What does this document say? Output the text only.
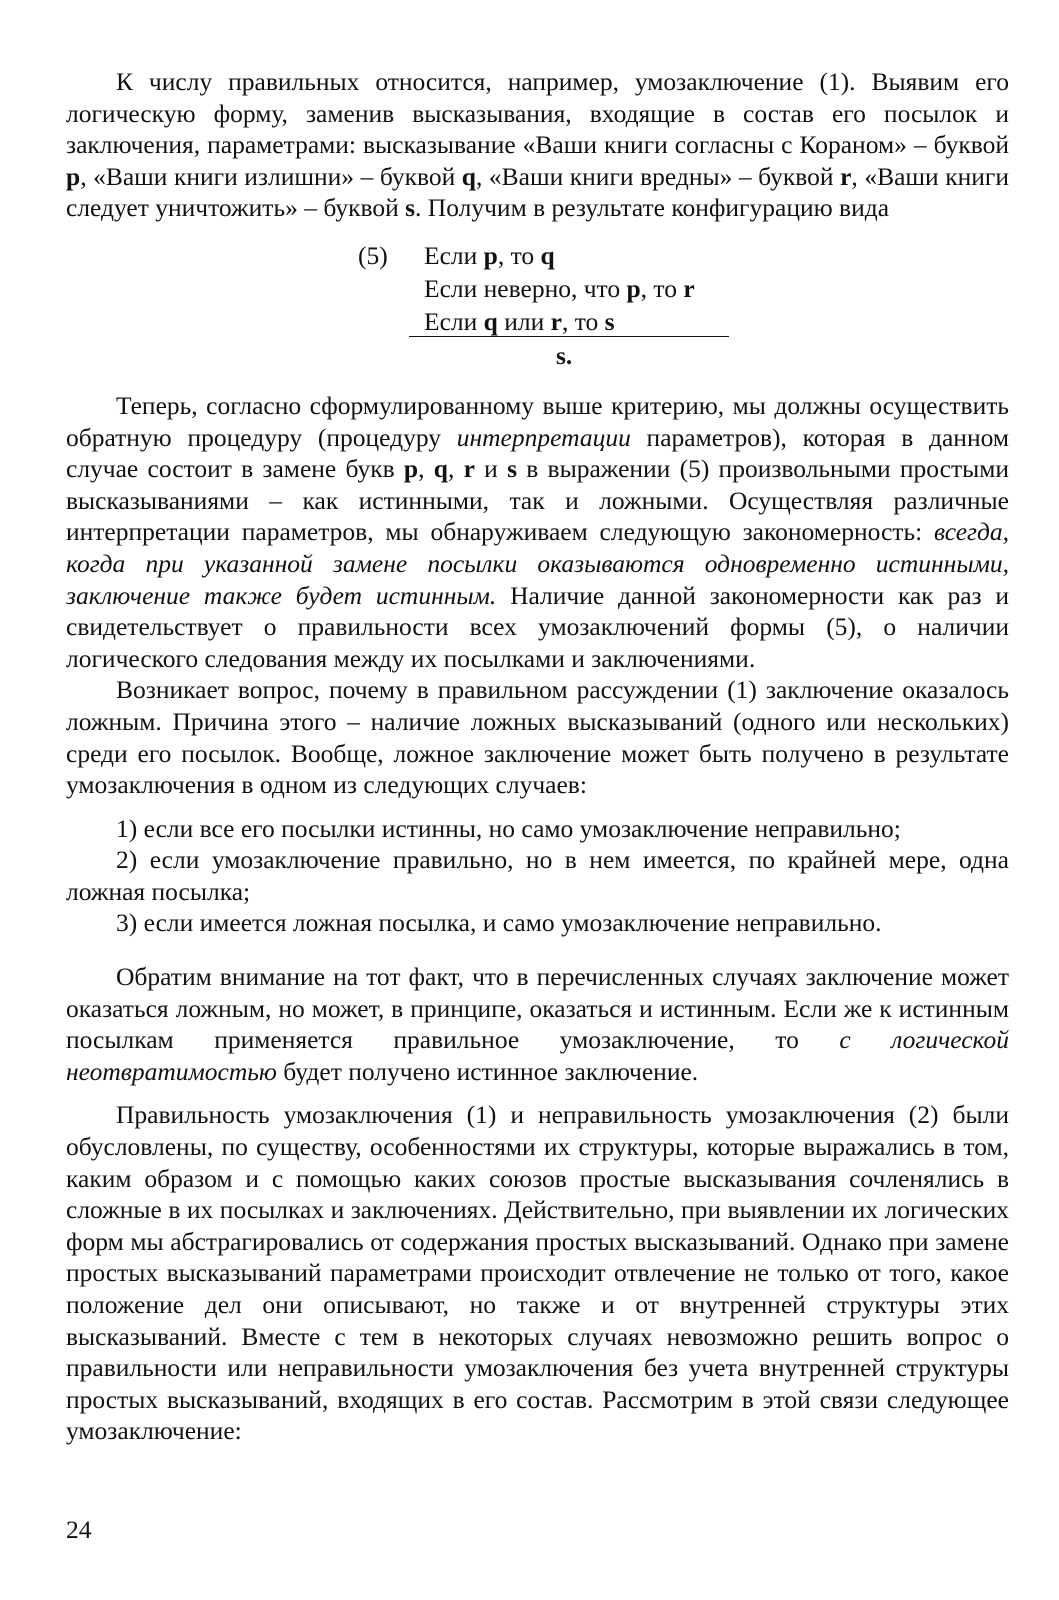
К числу правильных относится, например, умозаключение (1). Выявим его логическую форму, заменив высказывания, входящие в состав его посылок и заключения, параметрами: высказывание «Ваши книги согласны с Кораном» – буквой p, «Ваши книги излишни» – буквой q, «Ваши книги вредны» – буквой r, «Ваши книги следует уничтожить» – буквой s. Получим в результате конфигурацию вида

(5) Если p, то q
Если неверно, что p, то r
Если q или r, то s
s.

Теперь, согласно сформулированному выше критерию, мы должны осуществить обратную процедуру (процедуру интерпретации параметров), которая в данном случае состоит в замене букв p, q, r и s в выражении (5) произвольными простыми высказываниями – как истинными, так и ложными. Осуществляя различные интерпретации параметров, мы обнаруживаем следующую закономерность: всегда, когда при указанной замене посылки оказываются одновременно истинными, заключение также будет истинным. Наличие данной закономерности как раз и свидетельствует о правильности всех умозаключений формы (5), о наличии логического следования между их посылками и заключениями.

Возникает вопрос, почему в правильном рассуждении (1) заключение оказалось ложным. Причина этого – наличие ложных высказываний (одного или нескольких) среди его посылок. Вообще, ложное заключение может быть получено в результате умозаключения в одном из следующих случаев:

1) если все его посылки истинны, но само умозаключение неправильно;

2) если умозаключение правильно, но в нем имеется, по крайней мере, одна ложная посылка;

3) если имеется ложная посылка, и само умозаключение неправильно.

Обратим внимание на тот факт, что в перечисленных случаях заключение может оказаться ложным, но может, в принципе, оказаться и истинным. Если же к истинным посылкам применяется правильное умозаключение, то с логической неотвратимостью будет получено истинное заключение.

Правильность умозаключения (1) и неправильность умозаключения (2) были обусловлены, по существу, особенностями их структуры, которые выражались в том, каким образом и с помощью каких союзов простые высказывания сочленялись в сложные в их посылках и заключениях. Действительно, при выявлении их логических форм мы абстрагировались от содержания простых высказываний. Однако при замене простых высказываний параметрами происходит отвлечение не только от того, какое положение дел они описывают, но также и от внутренней структуры этих высказываний. Вместе с тем в некоторых случаях невозможно решить вопрос о правильности или неправильности умозаключения без учета внутренней структуры простых высказываний, входящих в его состав. Рассмотрим в этой связи следующее умозаключение:

24
